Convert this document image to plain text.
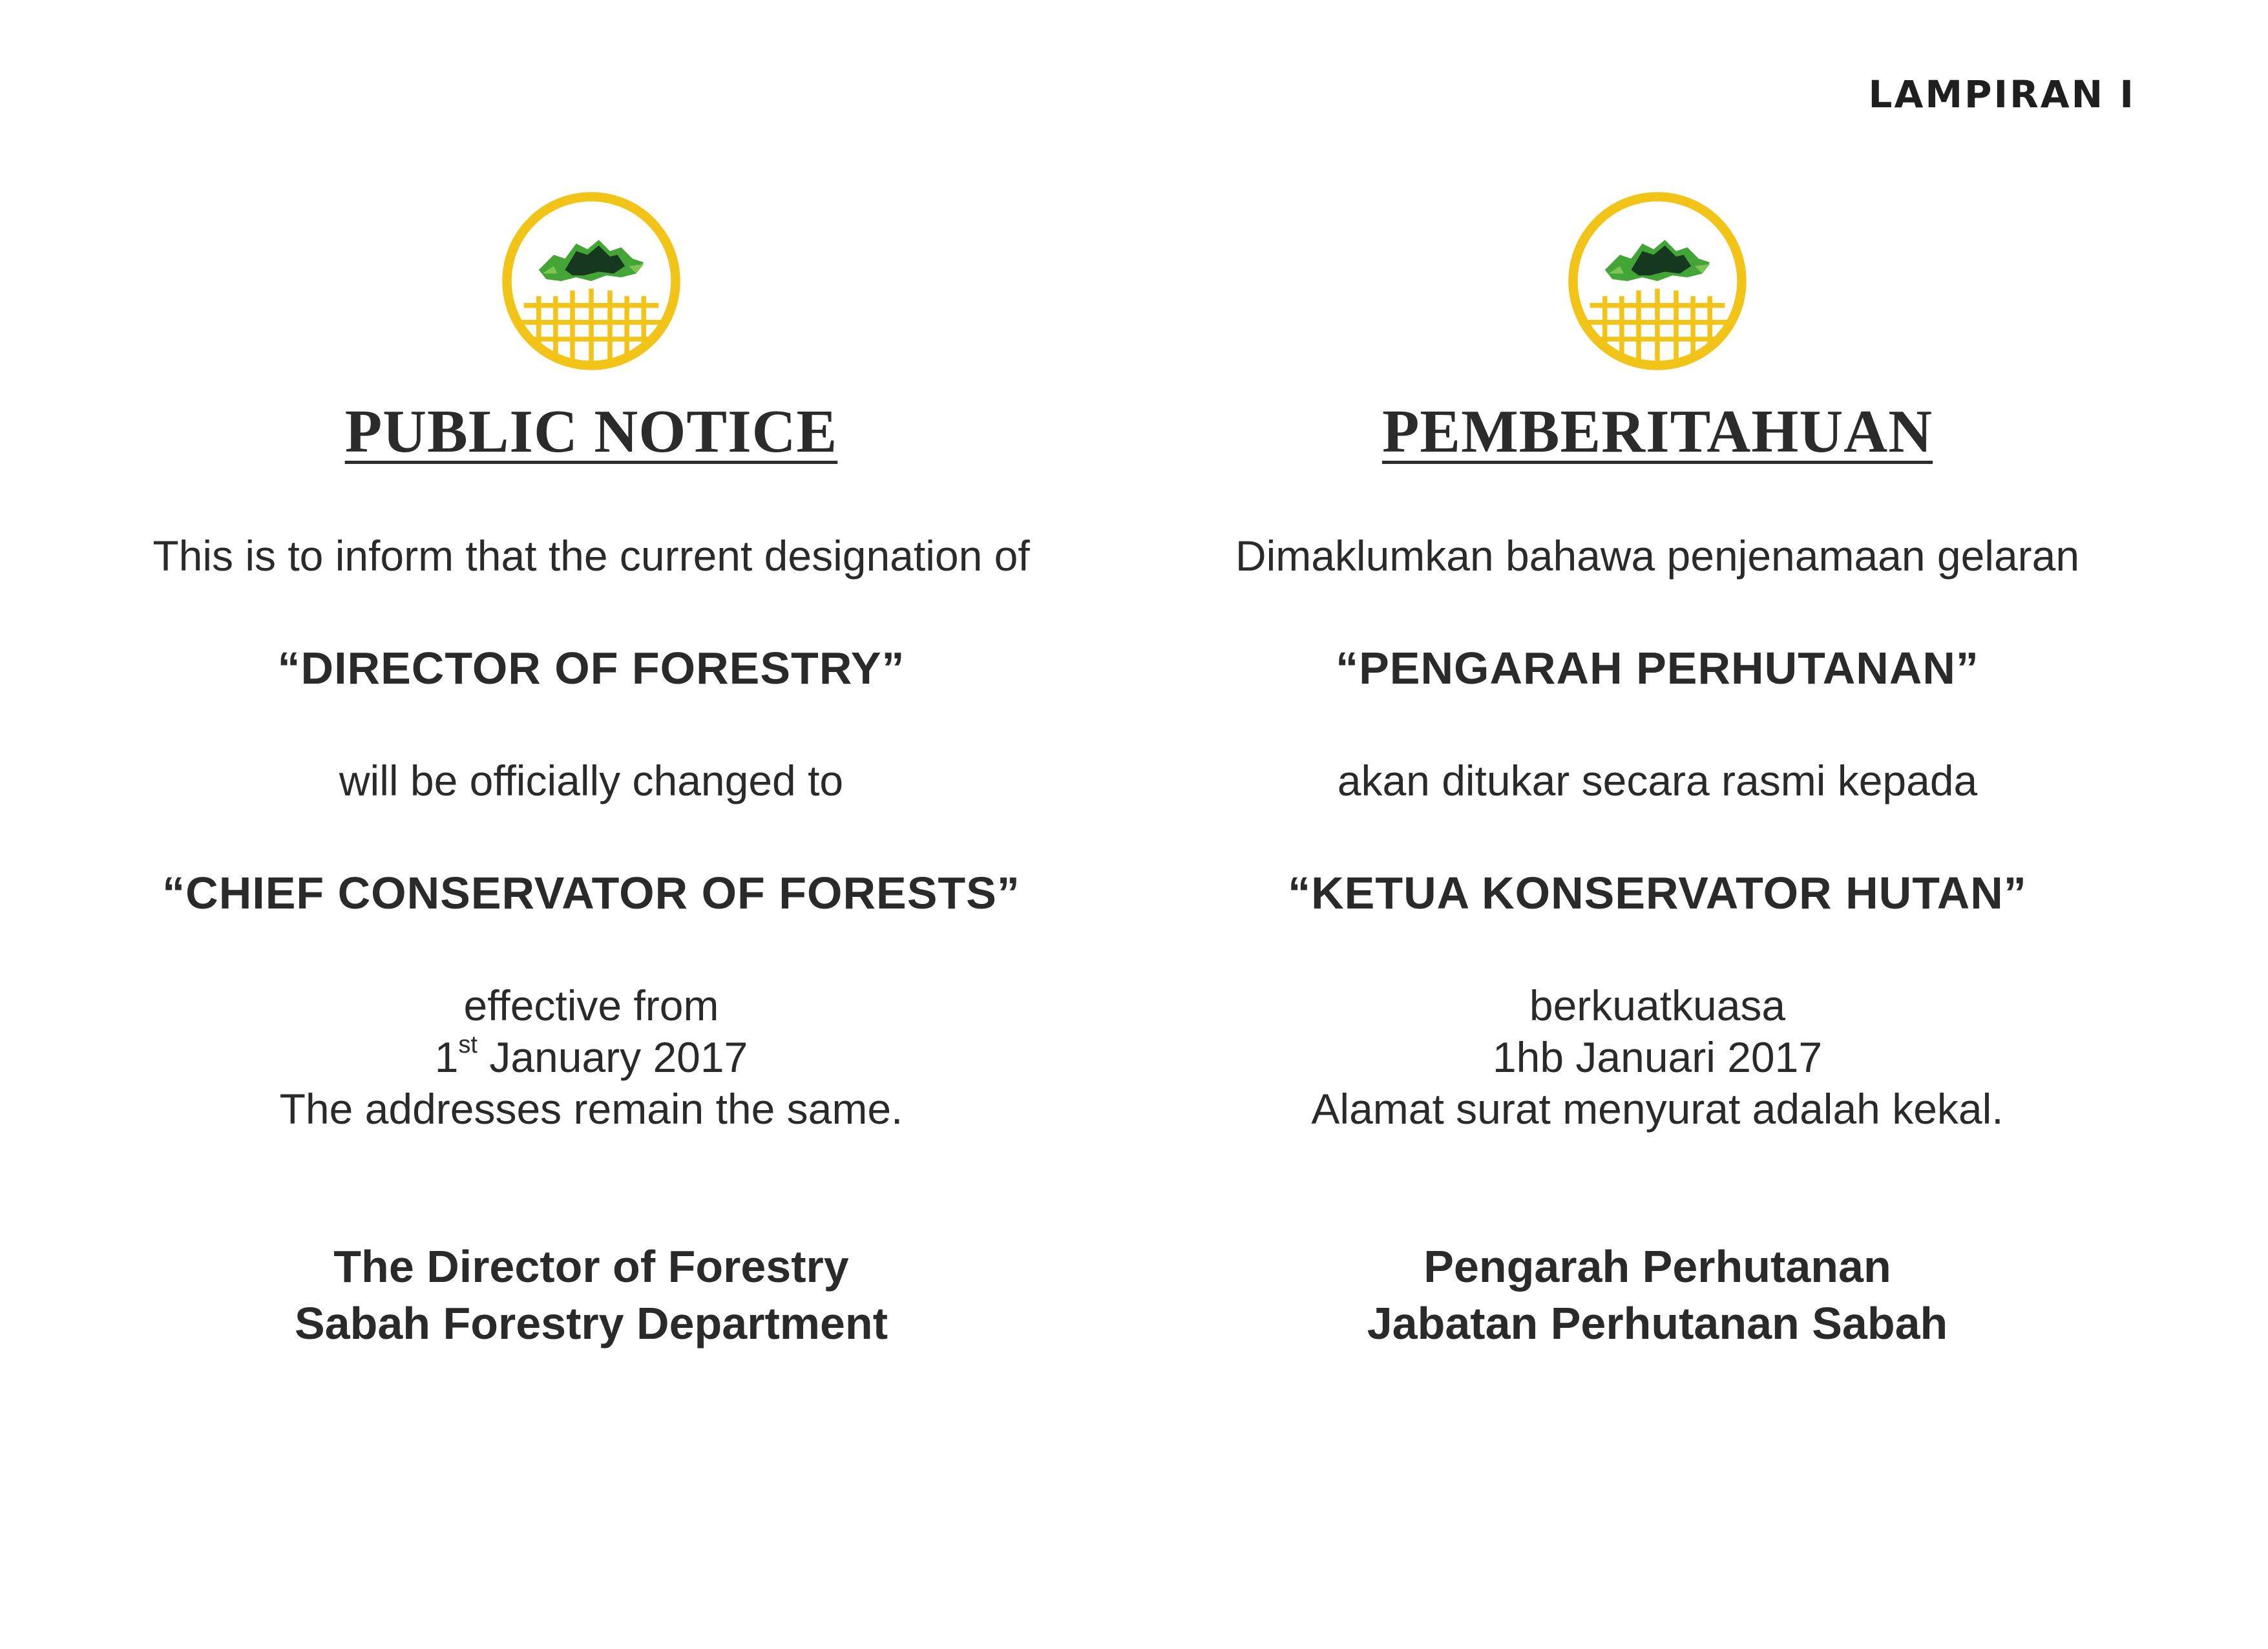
LAMPIRAN I

PUBLIC NOTICE

This is to inform that the current designation of

“DIRECTOR OF FORESTRY”

will be officially changed to

“CHIEF CONSERVATOR OF FORESTS”

effective from

1st January 2017

The addresses remain the same.

The Director of Forestry

Sabah Forestry Department

PEMBERITAHUAN

Dimaklumkan bahawa penjenamaan gelaran

“PENGARAH PERHUTANAN”

akan ditukar secara rasmi kepada

“KETUA KONSERVATOR HUTAN”

berkuatkuasa

1hb Januari 2017

Alamat surat menyurat adalah kekal.

Pengarah Perhutanan

Jabatan Perhutanan Sabah
